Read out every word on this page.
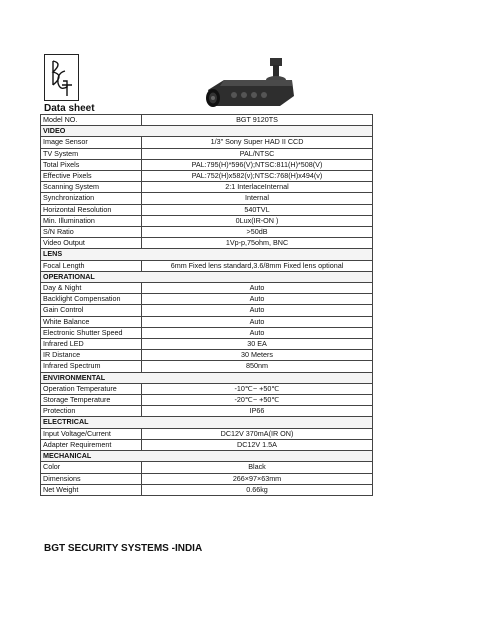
Data sheet
Model NO.	BGT 9120TS
VIDEO	
Image Sensor	1/3" Sony Super HAD II CCD
TV System	PAL/NTSC
Total Pixels	PAL:795(H)*596(V);NTSC:811(H)*508(V)
Effective Pixels	PAL:752(H)x582(v);NTSC:768(H)x494(v)
Scanning System	2:1 InterlaceInternal
Synchronization	Internal
Horizontal Resolution	540TVL
Min. Illumination	0Lux(IR-ON )
S/N Ratio	>50dB
Video Output	1Vp-p,75ohm, BNC
LENS	
Focal Length	6mm Fixed lens standard,3.6/8mm Fixed lens optional
OPERATIONAL	
Day & Night	Auto
Backlight Compensation	Auto
Gain Control	Auto
White Balance	Auto
Electronic Shutter Speed	Auto
Infrared LED	30 EA
IR Distance	30 Meters
Infrared Spectrum	850nm
ENVIRONMENTAL	
Operation Temperature	-10℃~ +50℃
Storage Temperature	-20℃~ +50℃
Protection	IP66
ELECTRICAL	
Input Voltage/Current	DC12V 370mA(IR ON)
Adapter Requirement	DC12V 1.5A
MECHANICAL	
Color	Black
Dimensions	266×97×63mm
Net Weight	0.66kg
BGT SECURITY SYSTEMS -INDIA
